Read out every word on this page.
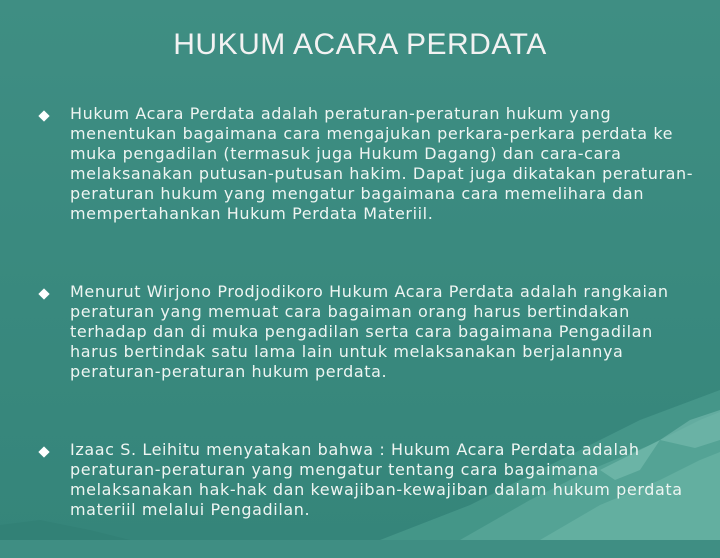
HUKUM ACARA PERDATA
Hukum Acara Perdata adalah peraturan-peraturan hukum yang menentukan bagaimana cara mengajukan perkara-perkara perdata ke muka pengadilan (termasuk juga Hukum Dagang) dan cara-cara melaksanakan putusan-putusan hakim. Dapat juga dikatakan peraturan-peraturan hukum yang mengatur bagaimana cara memelihara dan mempertahankan Hukum Perdata Materiil.
Menurut Wirjono Prodjodikoro Hukum Acara Perdata adalah rangkaian peraturan yang memuat cara bagaiman orang harus bertindakan terhadap dan di muka pengadilan serta cara bagaimana Pengadilan harus bertindak satu lama lain untuk melaksanakan berjalannya peraturan-peraturan hukum perdata.
Izaac S. Leihitu menyatakan bahwa : Hukum Acara Perdata adalah peraturan-peraturan yang mengatur tentang cara bagaimana melaksanakan hak-hak dan kewajiban-kewajiban dalam hukum perdata materiil melalui Pengadilan.
